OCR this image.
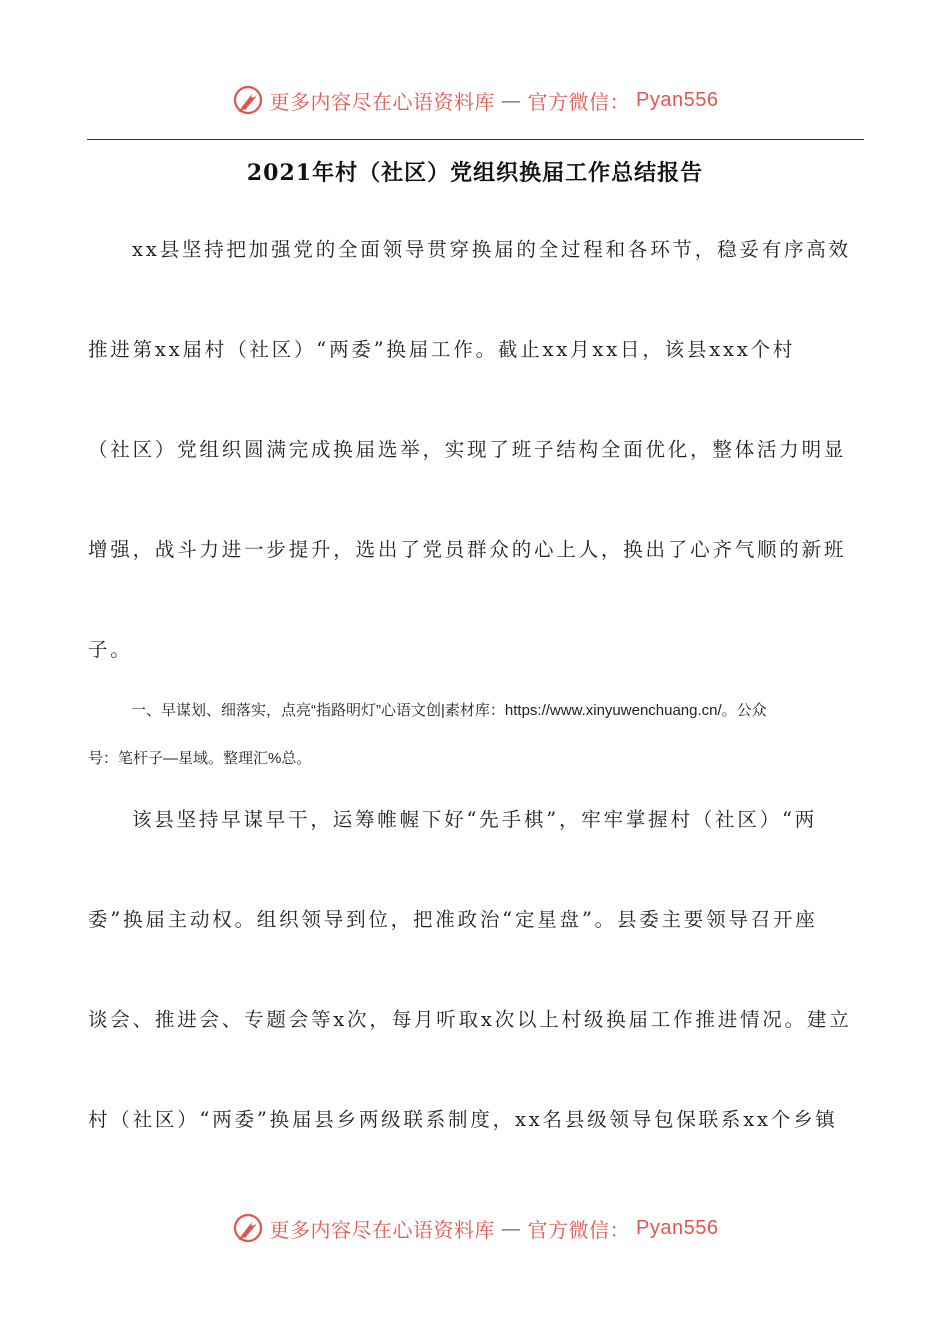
更多内容尽在心语资料库 — 官方微信： Pyan556
2021年村（社区）党组织换届工作总结报告
xx县坚持把加强党的全面领导贯穿换届的全过程和各环节，稳妥有序高效
推进第xx届村（社区）“两委”换届工作。截止xx月xx日，该县xxx个村
（社区）党组织圆满完成换届选举，实现了班子结构全面优化，整体活力明显
增强，战斗力进一步提升，选出了党员群众的心上人，换出了心齐气顺的新班
子。
一、早谋划、细落实，点亮“指路明灯”心语文创|素材库：https://www.xinyuwenchuang.cn/。公众
号：笔杆子—星域。整理汇%总。
该县坚持早谋早干，运筹帷幄下好“先手棋”，牢牢掌握村（社区）“两
委”换届主动权。组织领导到位，把准政治“定星盘”。县委主要领导召开座
谈会、推进会、专题会等x次，每月听取x次以上村级换届工作推进情况。建立
村（社区）“两委”换届县乡两级联系制度，xx名县级领导包保联系xx个乡镇
更多内容尽在心语资料库 — 官方微信： Pyan556
